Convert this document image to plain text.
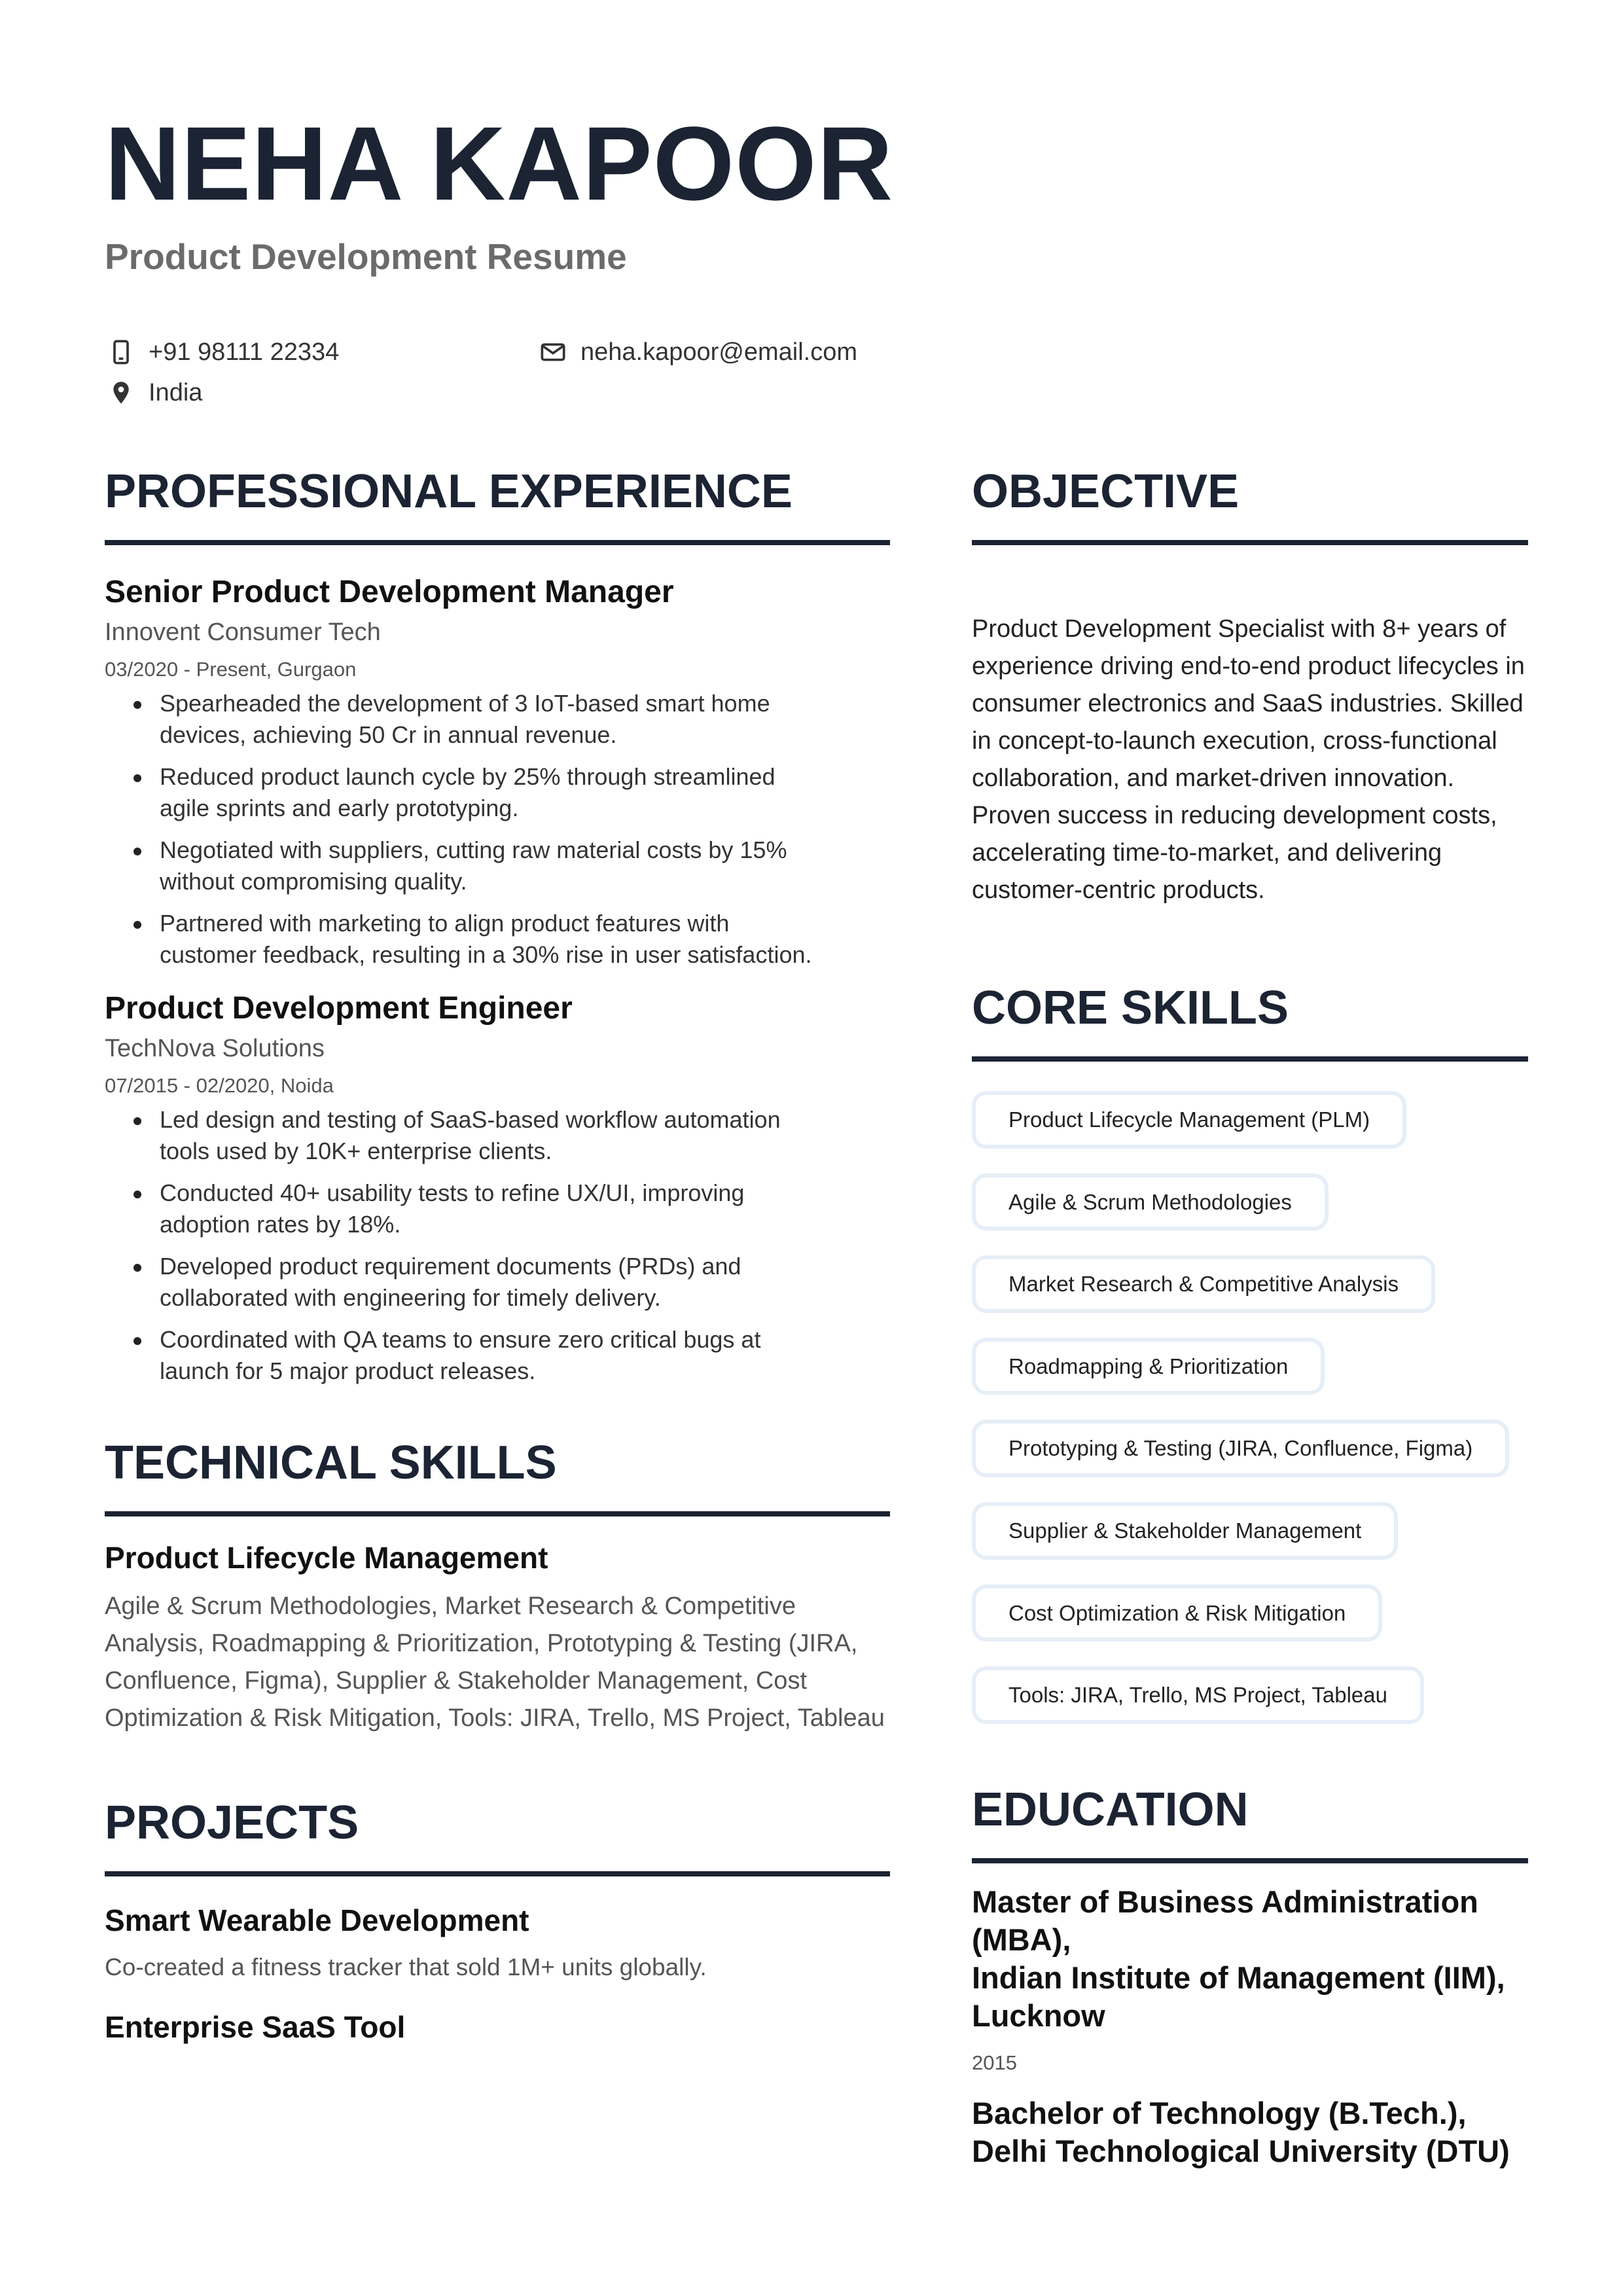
NEHA KAPOOR
Product Development Resume
+91 98111 22334	neha.kapoor@email.com
India
PROFESSIONAL EXPERIENCE
Senior Product Development Manager
Innovent Consumer Tech
03/2020 - Present, Gurgaon
Spearheaded the development of 3 IoT-based smart home devices, achieving 50 Cr in annual revenue.
Reduced product launch cycle by 25% through streamlined agile sprints and early prototyping.
Negotiated with suppliers, cutting raw material costs by 15% without compromising quality.
Partnered with marketing to align product features with customer feedback, resulting in a 30% rise in user satisfaction.
Product Development Engineer
TechNova Solutions
07/2015 - 02/2020, Noida
Led design and testing of SaaS-based workflow automation tools used by 10K+ enterprise clients.
Conducted 40+ usability tests to refine UX/UI, improving adoption rates by 18%.
Developed product requirement documents (PRDs) and collaborated with engineering for timely delivery.
Coordinated with QA teams to ensure zero critical bugs at launch for 5 major product releases.
TECHNICAL SKILLS
Product Lifecycle Management
Agile & Scrum Methodologies, Market Research & Competitive Analysis, Roadmapping & Prioritization, Prototyping & Testing (JIRA, Confluence, Figma), Supplier & Stakeholder Management, Cost Optimization & Risk Mitigation, Tools: JIRA, Trello, MS Project, Tableau
PROJECTS
Smart Wearable Development
Co-created a fitness tracker that sold 1M+ units globally.
Enterprise SaaS Tool
OBJECTIVE
Product Development Specialist with 8+ years of experience driving end-to-end product lifecycles in consumer electronics and SaaS industries. Skilled in concept-to-launch execution, cross-functional collaboration, and market-driven innovation. Proven success in reducing development costs, accelerating time-to-market, and delivering customer-centric products.
CORE SKILLS
Product Lifecycle Management (PLM)
Agile & Scrum Methodologies
Market Research & Competitive Analysis
Roadmapping & Prioritization
Prototyping & Testing (JIRA, Confluence, Figma)
Supplier & Stakeholder Management
Cost Optimization & Risk Mitigation
Tools: JIRA, Trello, MS Project, Tableau
EDUCATION
Master of Business Administration (MBA),
Indian Institute of Management (IIM), Lucknow
2015
Bachelor of Technology (B.Tech.),
Delhi Technological University (DTU)
